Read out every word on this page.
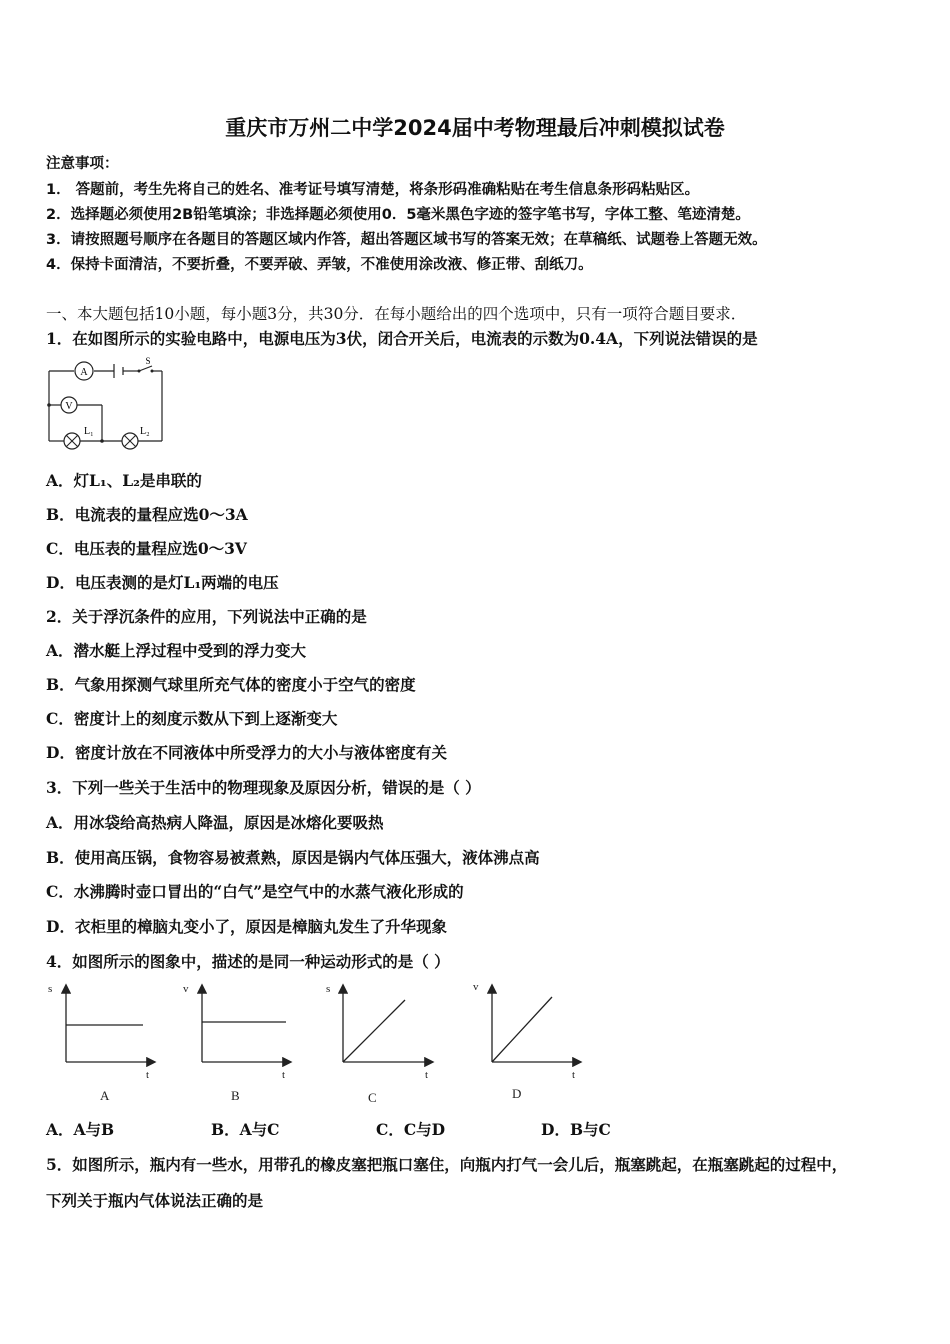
重庆市万州二中学2024届中考物理最后冲刺模拟试卷
注意事项：
1． 答题前，考生先将自己的姓名、准考证号填写清楚，将条形码准确粘贴在考生信息条形码粘贴区。
2．选择题必须使用2B铅笔填涂；非选择题必须使用0．5毫米黑色字迹的签字笔书写，字体工整、笔迹清楚。
3．请按照题号顺序在各题目的答题区域内作答，超出答题区域书写的答案无效；在草稿纸、试题卷上答题无效。
4．保持卡面清洁，不要折叠，不要弄破、弄皱，不准使用涂改液、修正带、刮纸刀。
一、本大题包括10小题，每小题3分，共30分．在每小题给出的四个选项中，只有一项符合题目要求．
1．在如图所示的实验电路中，电源电压为3伏，闭合开关后，电流表的示数为0.4A，下列说法错误的是
A
S
V
L₁	L₂
A．灯L₁、L₂是串联的
B．电流表的量程应选0～3A
C．电压表的量程应选0～3V
D．电压表测的是灯L₁两端的电压
2．关于浮沉条件的应用，下列说法中正确的是
A．潜水艇上浮过程中受到的浮力变大
B．气象用探测气球里所充气体的密度小于空气的密度
C．密度计上的刻度示数从下到上逐渐变大
D．密度计放在不同液体中所受浮力的大小与液体密度有关
3．下列一些关于生活中的物理现象及原因分析，错误的是（ ）
A．用冰袋给高热病人降温，原因是冰熔化要吸热
B．使用高压锅，食物容易被煮熟，原因是锅内气体压强大，液体沸点高
C．水沸腾时壶口冒出的“白气”是空气中的水蒸气液化形成的
D．衣柜里的樟脑丸变小了，原因是樟脑丸发生了升华现象
4．如图所示的图象中，描述的是同一种运动形式的是（ ）
s
t
A
v
t
B
s
t
C
v
t
D
A．A与B	B．A与C	C．C与D	D．B与C
5．如图所示，瓶内有一些水，用带孔的橡皮塞把瓶口塞住，向瓶内打气一会儿后，瓶塞跳起，在瓶塞跳起的过程中，
下列关于瓶内气体说法正确的是
